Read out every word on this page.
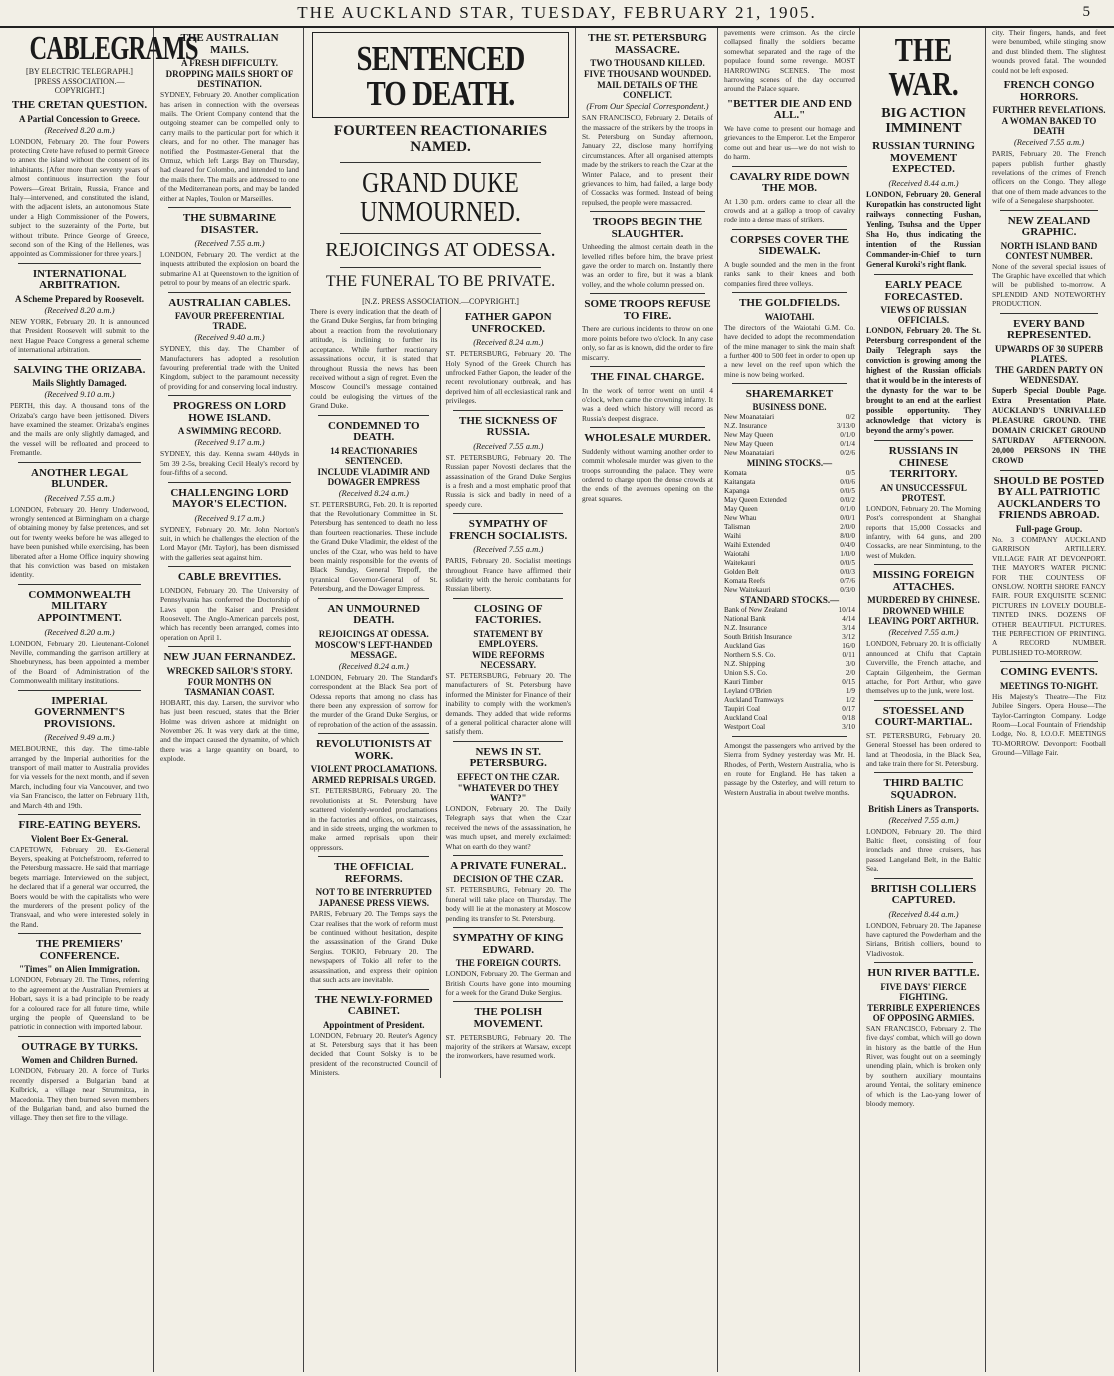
THE AUCKLAND STAR, TUESDAY, FEBRUARY 21, 1905.	5
CABLEGRAMS
[BY ELECTRIC TELEGRAPH.]
[PRESS ASSOCIATION.—COPYRIGHT.]
THE CRETAN QUESTION.
A Partial Concession to Greece.
(Received 8.20 a.m.)

LONDON, February 20. The four Powers protecting Crete have refused to permit Greece to annex the island without the consent of its inhabitants. [After more than seventy years of almost continuous insurrection the four Powers—Great Britain, Russia, France and Italy—intervened, and constituted the island, with the adjacent islets, an autonomous State under a High Commissioner of the Powers, subject to the suzerainty of the Porte, but without tribute. Prince George of Greece, second son of the King of the Hellenes, was appointed as Commissioner for three years.]

INTERNATIONAL ARBITRATION.
A Scheme Prepared by Roosevelt.
(Received 8.20 a.m.)

NEW YORK, February 20. It is announced that President Roosevelt will submit to the next Hague Peace Congress a general scheme of international arbitration.

SALVING THE ORIZABA.
Mails Slightly Damaged.
(Received 9.10 a.m.)

PERTH, this day. A thousand tons of the Orizaba's cargo have been jettisoned. Divers have examined the steamer. Orizaba's engines and the mails are only slightly damaged, and the vessel will be refloated and proceed to Fremantle.

ANOTHER LEGAL BLUNDER.
(Received 7.55 a.m.)

LONDON, February 20. Henry Underwood, wrongly sentenced at Birmingham on a charge of obtaining money by false pretences, and set out for twenty weeks before he was alleged to have been punished while exercising, has been liberated after a Home Office inquiry showing that his conviction was based on mistaken identity.

COMMONWEALTH MILITARY APPOINTMENT.
(Received 8.20 a.m.)

LONDON, February 20. Lieutenant-Colonel Neville, commanding the garrison artillery at Shoeburyness, has been appointed a member of the Board of Administration of the Commonwealth military institutions.

IMPERIAL GOVERNMENT'S PROVISIONS.
(Received 9.49 a.m.)

MELBOURNE, this day. The time-table arranged by the Imperial authorities for the transport of mail matter to Australia provides for via vessels for the next month, and if seven March, including four via Vancouver, and two via San Francisco, the latter on February 11th, and March 4th and 19th.

FIRE-EATING BEYERS.
Violent Boer Ex-General.

CAPETOWN, February 20. Ex-General Beyers, speaking at Potchefstroom, referred to the Petersburg massacre. He said that marriage begets marriage. Interviewed on the subject, he declared that if a general war occurred, the Boers would be with the capitalists who were the murderers of the present policy of the Transvaal, and who were interested solely in the Rand.

THE PREMIERS' CONFERENCE.
"Times" on Alien Immigration.

LONDON, February 20. The Times, referring to the agreement at the Australian Premiers at Hobart, says it is a bad principle to be ready for a coloured race for all future time, while urging the people of Queensland to be patriotic in connection with imported labour.

OUTRAGE BY TURKS.
Women and Children Burned.

LONDON, February 20. A force of Turks recently dispersed a Bulgarian band at Kulbrick, a village near Strumnitza, in Macedonia. They then burned seven members of the Bulgarian band, and also burned the village. They then set fire to the village.

THE AUSTRALIAN MAILS.
A FRESH DIFFICULTY.
DROPPING MAILS SHORT OF DESTINATION.

SYDNEY, February 20. Another complication has arisen in connection with the overseas mails. The Orient Company contend that the outgoing steamer can be compelled only to carry mails to the particular port for which it clears, and for no other. The manager has notified the Postmaster-General that the Ormuz, which left Largs Bay on Thursday, had cleared for Colombo, and intended to land the mails there. The mails are addressed to one of the Mediterranean ports, and may be landed either at Naples, Toulon or Marseilles.

THE SUBMARINE DISASTER.
(Received 7.55 a.m.)

LONDON, February 20. The verdict at the inquests attributed the explosion on board the submarine A1 at Queenstown to the ignition of petrol to pour by means of an electric spark.

AUSTRALIAN CABLES.
FAVOUR PREFERENTIAL TRADE.
(Received 9.40 a.m.)

SYDNEY, this day. The Chamber of Manufacturers has adopted a resolution favouring preferential trade with the United Kingdom, subject to the paramount necessity of providing for and conserving local industry.

PROGRESS ON LORD HOWE ISLAND.
A SWIMMING RECORD.
(Received 9.17 a.m.)

SYDNEY, this day. Kenna swam 440yds in 5m 39 2-5s, breaking Cecil Healy's record by four-fifths of a second.

CHALLENGING LORD MAYOR'S ELECTION.
(Received 9.17 a.m.)

SYDNEY, February 20. Mr. John Norton's suit, in which he challenges the election of the Lord Mayor (Mr. Taylor), has been dismissed with the galleries seat against him.

CABLE BREVITIES.

LONDON, February 20. The University of Pennsylvania has conferred the Doctorship of Laws upon the Kaiser and President Roosevelt. The Anglo-American parcels post, which has recently been arranged, comes into operation on April 1.

NEW JUAN FERNANDEZ.
WRECKED SAILOR'S STORY.
FOUR MONTHS ON TASMANIAN COAST.

HOBART, this day. Larsen, the survivor who has just been rescued, states that the Brier Holme was driven ashore at midnight on November 26. It was very dark at the time, and the impact caused the dynamite, of which there was a large quantity on board, to explode.

SENTENCED TO DEATH.
FOURTEEN REACTIONARIES NAMED.
GRAND DUKE UNMOURNED.
REJOICINGS AT ODESSA.
THE FUNERAL TO BE PRIVATE.
[N.Z. PRESS ASSOCIATION.—COPYRIGHT.]

There is every indication that the death of the Grand Duke Sergius, far from bringing about a reaction from the revolutionary attitude, is inclining to further its acceptance. While further reactionary assassinations occur, it is stated that throughout Russia the news has been received without a sign of regret. Even the Moscow Council's message contained could be eulogising the virtues of the Grand Duke.

CONDEMNED TO DEATH.
14 REACTIONARIES SENTENCED.
INCLUDE VLADIMIR AND DOWAGER EMPRESS
(Received 8.24 a.m.)

ST. PETERSBURG, Feb. 20. It is reported that the Revolutionary Committee in St. Petersburg has sentenced to death no less than fourteen reactionaries. These include the Grand Duke Vladimir, the eldest of the uncles of the Czar, who was held to have been mainly responsible for the events of Black Sunday, General Trepoff, the tyrannical Governor-General of St. Petersburg, and the Dowager Empress.

AN UNMOURNED DEATH.
REJOICINGS AT ODESSA.
MOSCOW'S LEFT-HANDED MESSAGE.
(Received 8.24 a.m.)

LONDON, February 20. The Standard's correspondent at the Black Sea port of Odessa reports that among no class has there been any expression of sorrow for the murder of the Grand Duke Sergius, or of reprobation of the action of the assassin.

REVOLUTIONISTS AT WORK.
VIOLENT PROCLAMATIONS.
ARMED REPRISALS URGED.

ST. PETERSBURG, February 20. The revolutionists at St. Petersburg have scattered violently-worded proclamations in the factories and offices, on staircases, and in side streets, urging the workmen to make armed reprisals upon their oppressors.

THE OFFICIAL REFORMS.
NOT TO BE INTERRUPTED
JAPANESE PRESS VIEWS.

PARIS, February 20. The Temps says the Czar realises that the work of reform must be continued without hesitation, despite the assassination of the Grand Duke Sergius. TOKIO, February 20. The newspapers of Tokio all refer to the assassination, and express their opinion that such acts are inevitable.

THE NEWLY-FORMED CABINET.
Appointment of President.

LONDON, February 20. Reuter's Agency at St. Petersburg says that it has been decided that Count Solsky is to be president of the reconstructed Council of Ministers.

FATHER GAPON UNFROCKED.
(Received 8.24 a.m.)

ST. PETERSBURG, February 20. The Holy Synod of the Greek Church has unfrocked Father Gapon, the leader of the recent revolutionary outbreak, and has deprived him of all ecclesiastical rank and privileges.

THE SICKNESS OF RUSSIA.
(Received 7.55 a.m.)

ST. PETERSBURG, February 20. The Russian paper Novosti declares that the assassination of the Grand Duke Sergius is a fresh and a most emphatic proof that Russia is sick and badly in need of a speedy cure.

SYMPATHY OF FRENCH SOCIALISTS.
(Received 7.55 a.m.)

PARIS, February 20. Socialist meetings throughout France have affirmed their solidarity with the heroic combatants for Russian liberty.

CLOSING OF FACTORIES.
STATEMENT BY EMPLOYERS.
WIDE REFORMS NECESSARY.

ST. PETERSBURG, February 20. The manufacturers of St. Petersburg have informed the Minister for Finance of their inability to comply with the workmen's demands. They added that wide reforms of a general political character alone will satisfy them.

NEWS IN ST. PETERSBURG.
EFFECT ON THE CZAR.
"WHATEVER DO THEY WANT?"

LONDON, February 20. The Daily Telegraph says that when the Czar received the news of the assassination, he was much upset, and merely exclaimed: What on earth do they want?

A PRIVATE FUNERAL.
DECISION OF THE CZAR.

ST. PETERSBURG, February 20. The funeral will take place on Thursday. The body will lie at the monastery at Moscow pending its transfer to St. Petersburg.

SYMPATHY OF KING EDWARD.
THE FOREIGN COURTS.

LONDON, February 20. The German and British Courts have gone into mourning for a week for the Grand Duke Sergius.

THE POLISH MOVEMENT.

ST. PETERSBURG, February 20. The majority of the strikers at Warsaw, except the ironworkers, have resumed work.

THE ST. PETERSBURG MASSACRE.
TWO THOUSAND KILLED.
FIVE THOUSAND WOUNDED.
MAIL DETAILS OF THE CONFLICT.
(From Our Special Correspondent.)

SAN FRANCISCO, February 2. Details of the massacre of the strikers by the troops in St. Petersburg on Sunday afternoon, January 22, disclose many horrifying circumstances. After all organised attempts made by the strikers to reach the Czar at the Winter Palace, and to present their grievances to him, had failed, a large body of Cossacks was formed. Instead of being repulsed, the people were massacred.

TROOPS BEGIN THE SLAUGHTER.

Unheeding the almost certain death in the levelled rifles before him, the brave priest gave the order to march on. Instantly there was an order to fire, but it was a blank volley, and the whole column pressed on.

SOME TROOPS REFUSE TO FIRE.

There are curious incidents to throw on one more points before two o'clock. In any case only, so far as is known, did the order to fire miscarry.

THE FINAL CHARGE.

In the work of terror went on until 4 o'clock, when came the crowning infamy. It was a deed which history will record as Russia's deepest disgrace.

WHOLESALE MURDER.

Suddenly without warning another order to commit wholesale murder was given to the troops surrounding the palace. They were ordered to charge upon the dense crowds at the ends of the avenues opening on the great squares.

pavements were crimson. As the circle collapsed finally the soldiers became somewhat separated and the rage of the populace found some revenge. MOST HARROWING SCENES. The most harrowing scenes of the day occurred around the Palace square.

"BETTER DIE AND END ALL."

We have come to present our homage and grievances to the Emperor. Let the Emperor come out and hear us—we do not wish to do harm.

CAVALRY RIDE DOWN THE MOB.

At 1.30 p.m. orders came to clear all the crowds and at a gallop a troop of cavalry rode into a dense mass of strikers.

CORPSES COVER THE SIDEWALK.

A bugle sounded and the men in the front ranks sank to their knees and both companies fired three volleys.

THE GOLDFIELDS.
WAIOTAHI.

The directors of the Waiotahi G.M. Co. have decided to adopt the recommendation of the mine manager to sink the main shaft a further 400 to 500 feet in order to open up a new level on the reef upon which the mine is now being worked.

SHAREMARKET
BUSINESS DONE.
New Moanataiari	0/2
N.Z. Insurance	3/13/0
New May Queen	0/1/0
New May Queen	0/1/4
New Moanataiari	0/2/6
MINING STOCKS.—
Komata	0/5
Kaitangata	0/0/6
Kapanga	0/0/5
May Queen Extended	0/0/2
May Queen	0/1/0
New Whau	0/0/1
Talisman	2/0/0
Waihi	8/0/0
Waihi Extended	0/4/0
Waiotahi	1/0/0
Waitekauri	0/0/5
Golden Belt	0/0/3
Komata Reefs	0/7/6
New Waitekauri	0/3/0
STANDARD STOCKS.—
Bank of New Zealand	10/14
National Bank	4/14
N.Z. Insurance	3/14
South British Insurance	3/12
Auckland Gas	16/0
Northern S.S. Co.	0/11
N.Z. Shipping	3/0
Union S.S. Co.	2/0
Kauri Timber	0/15
Leyland O'Brien	1/9
Auckland Tramways	1/2
Taupiri Coal	0/17
Auckland Coal	0/18
Westport Coal	3/10

Amongst the passengers who arrived by the Sierra from Sydney yesterday was Mr. H. Rhodes, of Perth, Western Australia, who is en route for England. He has taken a passage by the Osterley, and will return to Western Australia in about twelve months.

THE WAR.
BIG ACTION IMMINENT
RUSSIAN TURNING MOVEMENT EXPECTED.
(Received 8.44 a.m.)

LONDON, February 20. General Kuropatkin has constructed light railways connecting Fushan, Yenling, Tsuhsa and the Upper Sha Ho, thus indicating the intention of the Russian Commander-in-Chief to turn General Kuroki's right flank.

EARLY PEACE FORECASTED.
VIEWS OF RUSSIAN OFFICIALS.

LONDON, February 20. The St. Petersburg correspondent of the Daily Telegraph says the conviction is growing among the highest of the Russian officials that it would be in the interests of the dynasty for the war to be brought to an end at the earliest possible opportunity. They acknowledge that victory is beyond the army's power.

RUSSIANS IN CHINESE TERRITORY.
AN UNSUCCESSFUL PROTEST.

LONDON, February 20. The Morning Post's correspondent at Shanghai reports that 15,000 Cossacks and infantry, with 64 guns, and 200 Cossacks, are near Sinmintung, to the west of Mukden.

MISSING FOREIGN ATTACHES.
MURDERED BY CHINESE.
DROWNED WHILE LEAVING PORT ARTHUR.
(Received 7.55 a.m.)

LONDON, February 20. It is officially announced at Chifu that Captain Cuverville, the French attache, and Captain Gilgenheim, the German attache, for Port Arthur, who gave themselves up to the junk, were lost.

STOESSEL AND COURT-MARTIAL.

ST. PETERSBURG, February 20. General Stoessel has been ordered to land at Theodosia, in the Black Sea, and take train there for St. Petersburg.

THIRD BALTIC SQUADRON.
British Liners as Transports.
(Received 7.55 a.m.)

LONDON, February 20. The third Baltic fleet, consisting of four ironclads and three cruisers, has passed Langeland Belt, in the Baltic Sea.

BRITISH COLLIERS CAPTURED.
(Received 8.44 a.m.)

LONDON, February 20. The Japanese have captured the Powderham and the Sirians, British colliers, bound to Vladivostok.

HUN RIVER BATTLE.
FIVE DAYS' FIERCE FIGHTING.
TERRIBLE EXPERIENCES OF OPPOSING ARMIES.

SAN FRANCISCO, February 2. The five days' combat, which will go down in history as the battle of the Hun River, was fought out on a seemingly unending plain, which is broken only by southern auxiliary mountains around Yentai, the solitary eminence of which is the Lao-yang lower of bloody memory.

city. Their fingers, hands, and feet were benumbed, while stinging snow and dust blinded them. The slightest wounds proved fatal. The wounded could not be left exposed.

FRENCH CONGO HORRORS.
FURTHER REVELATIONS.
A WOMAN BAKED TO DEATH
(Received 7.55 a.m.)

PARIS, February 20. The French papers publish further ghastly revelations of the crimes of French officers on the Congo. They allege that one of them made advances to the wife of a Senegalese sharpshooter.

NEW ZEALAND GRAPHIC.
NORTH ISLAND BAND CONTEST NUMBER.

None of the several special issues of The Graphic have excelled that which will be published to-morrow. A SPLENDID AND NOTEWORTHY PRODUCTION.

EVERY BAND REPRESENTED.
UPWARDS OF 30 SUPERB PLATES.
THE GARDEN PARTY ON WEDNESDAY.

Superb Special Double Page. Extra Presentation Plate. AUCKLAND'S UNRIVALLED PLEASURE GROUND. THE DOMAIN CRICKET GROUND SATURDAY AFTERNOON. 20,000 PERSONS IN THE CROWD

SHOULD BE POSTED BY ALL PATRIOTIC AUCKLANDERS TO FRIENDS ABROAD.
Full-page Group.

No. 3 COMPANY AUCKLAND GARRISON ARTILLERY. VILLAGE FAIR AT DEVONPORT. THE MAYOR'S WATER PICNIC FOR THE COUNTESS OF ONSLOW. NORTH SHORE FANCY FAIR. FOUR EXQUISITE SCENIC PICTURES IN LOVELY DOUBLE-TINTED INKS. DOZENS OF OTHER BEAUTIFUL PICTURES. THE PERFECTION OF PRINTING. A RECORD NUMBER. PUBLISHED TO-MORROW.

COMING EVENTS.
MEETINGS TO-NIGHT.

His Majesty's Theatre—The Fitz Jubilee Singers. Opera House—The Taylor-Carrington Company. Lodge Room—Local Fountain of Friendship Lodge, No. 8, I.O.O.F. MEETINGS TO-MORROW. Devonport: Football Ground—Village Fair.
